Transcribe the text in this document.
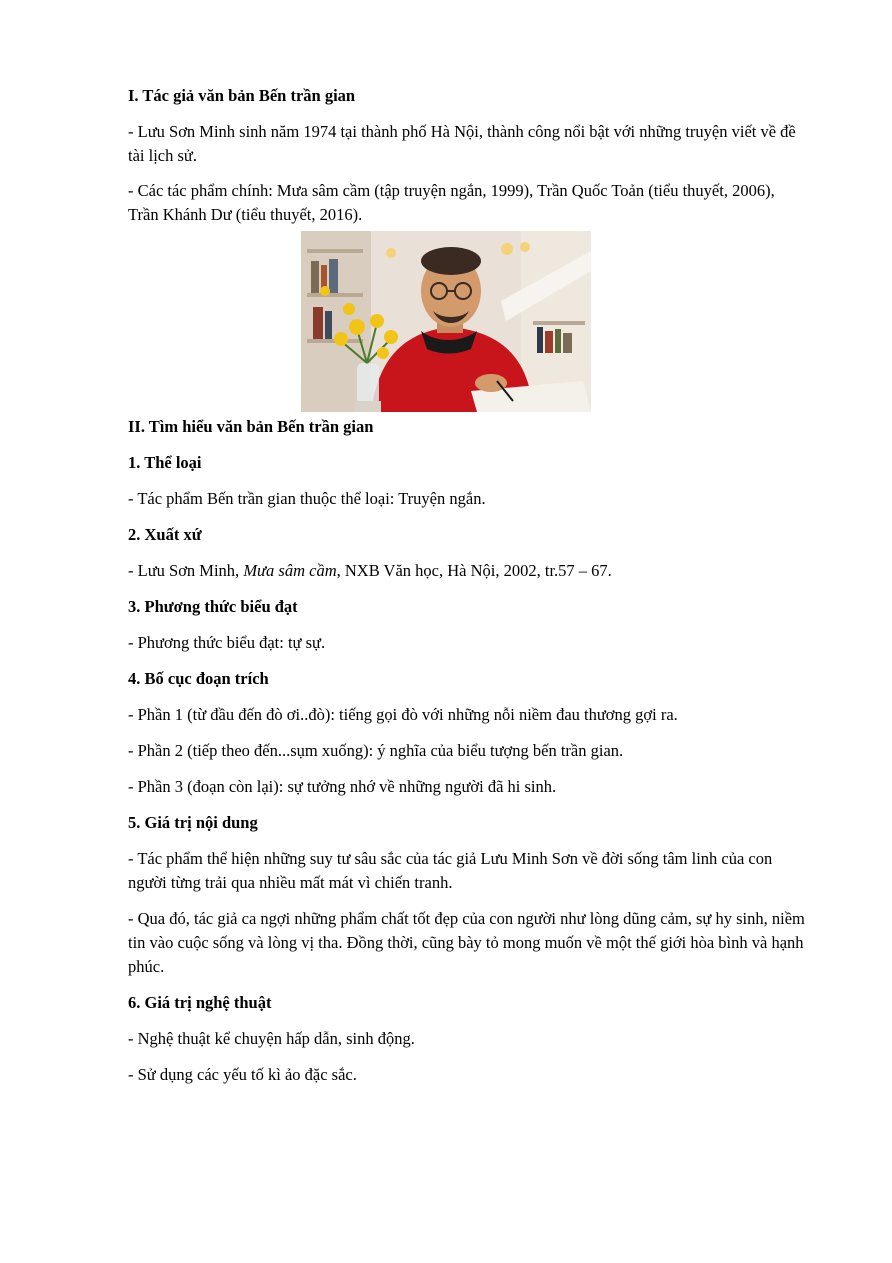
I. Tác giả văn bản Bến trần gian

- Lưu Sơn Minh sinh năm 1974 tại thành phố Hà Nội, thành công nổi bật với những truyện viết về đề tài lịch sử.

- Các tác phẩm chính: Mưa sâm cầm (tập truyện ngắn, 1999), Trần Quốc Toản (tiểu thuyết, 2006), Trần Khánh Dư (tiểu thuyết, 2016).

II. Tìm hiểu văn bản Bến trần gian
1. Thể loại

- Tác phẩm Bến trần gian thuộc thể loại: Truyện ngắn.

2. Xuất xứ

- Lưu Sơn Minh, Mưa sâm cầm, NXB Văn học, Hà Nội, 2002, tr.57 – 67.

3. Phương thức biểu đạt

- Phương thức biểu đạt: tự sự.

4. Bố cục đoạn trích

- Phần 1 (từ đầu đến đò ơi..đò): tiếng gọi đò với những nỗi niềm đau thương gợi ra.

- Phần 2 (tiếp theo đến...sụm xuống): ý nghĩa của biểu tượng bến trần gian.

- Phần 3 (đoạn còn lại): sự tưởng nhớ về những người đã hi sinh.

5. Giá trị nội dung

- Tác phẩm thể hiện những suy tư sâu sắc của tác giả Lưu Minh Sơn về đời sống tâm linh của con người từng trải qua nhiều mất mát vì chiến tranh.

- Qua đó, tác giả ca ngợi những phẩm chất tốt đẹp của con người như lòng dũng cảm, sự hy sinh, niềm tin vào cuộc sống và lòng vị tha. Đồng thời, cũng bày tỏ mong muốn về một thế giới hòa bình và hạnh phúc.

6. Giá trị nghệ thuật

- Nghệ thuật kể chuyện hấp dẫn, sinh động.

- Sử dụng các yếu tố kì ảo đặc sắc.
